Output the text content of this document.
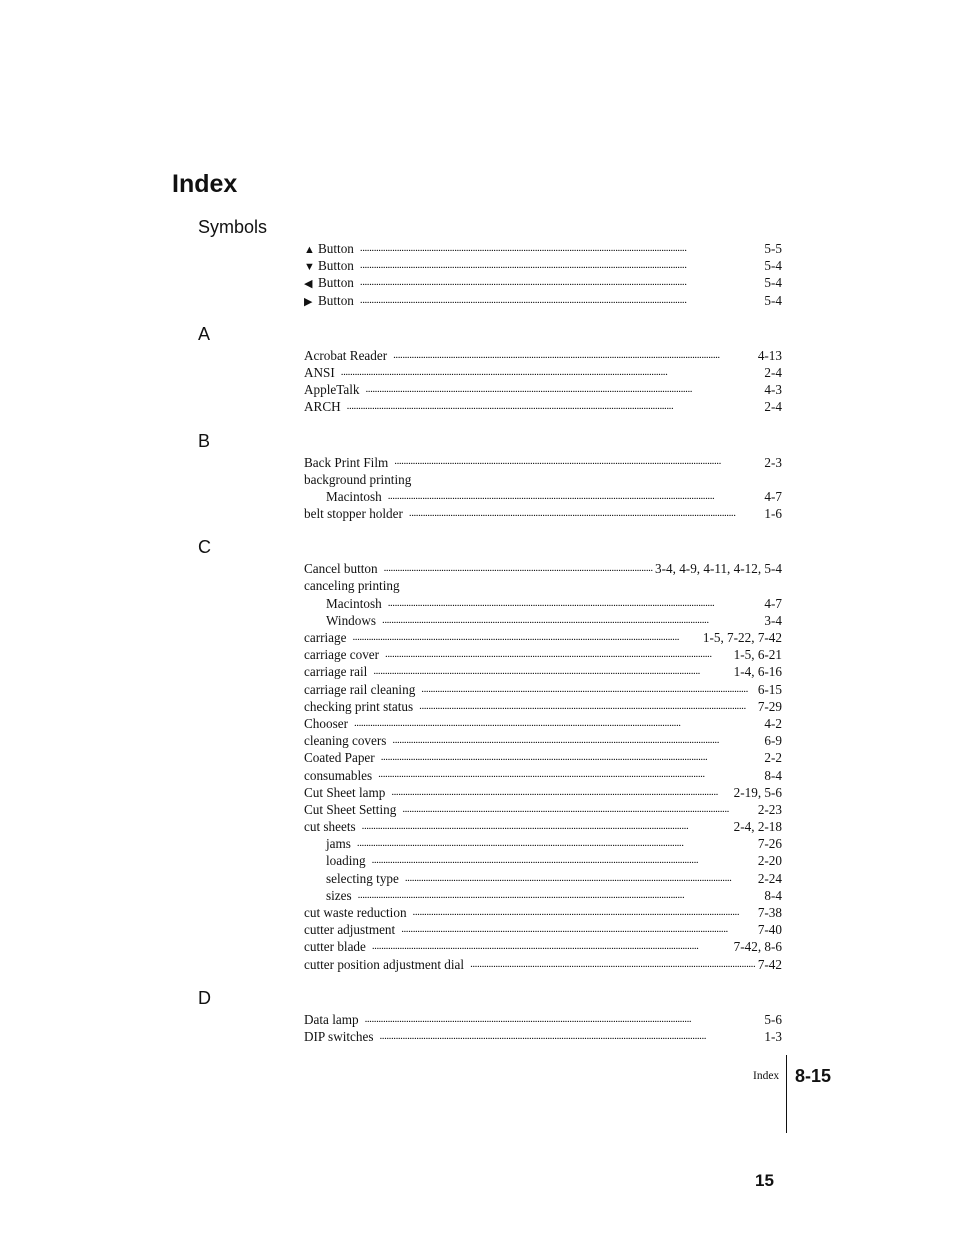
Index
Symbols
▲ Button . . .	5-5
▼ Button . . .	5-4
◀ Button . . .	5-4
▶ Button . . .	5-4
A
Acrobat Reader . . .	4-13
ANSI . . .	2-4
AppleTalk . . .	4-3
ARCH . . .	2-4
B
Back Print Film . . .	2-3
background printing
Macintosh . . .	4-7
belt stopper holder . . .	1-6
C
Cancel button . . .	3-4, 4-9, 4-11, 4-12, 5-4
canceling printing
Macintosh . . .	4-7
Windows . . .	3-4
carriage . . .	1-5, 7-22, 7-42
carriage cover . . .	1-5, 6-21
carriage rail . . .	1-4, 6-16
carriage rail cleaning . . .	6-15
checking print status . . .	7-29
Chooser . . .	4-2
cleaning covers . . .	6-9
Coated Paper . . .	2-2
consumables . . .	8-4
Cut Sheet lamp . . .	2-19, 5-6
Cut Sheet Setting . . .	2-23
cut sheets . . .	2-4, 2-18
jams . . .	7-26
loading . . .	2-20
selecting type . . .	2-24
sizes . . .	8-4
cut waste reduction . . .	7-38
cutter adjustment . . .	7-40
cutter blade . . .	7-42, 8-6
cutter position adjustment dial . . .	7-42
D
Data lamp . . .	5-6
DIP switches . . .	1-3
Index 8-15
15
